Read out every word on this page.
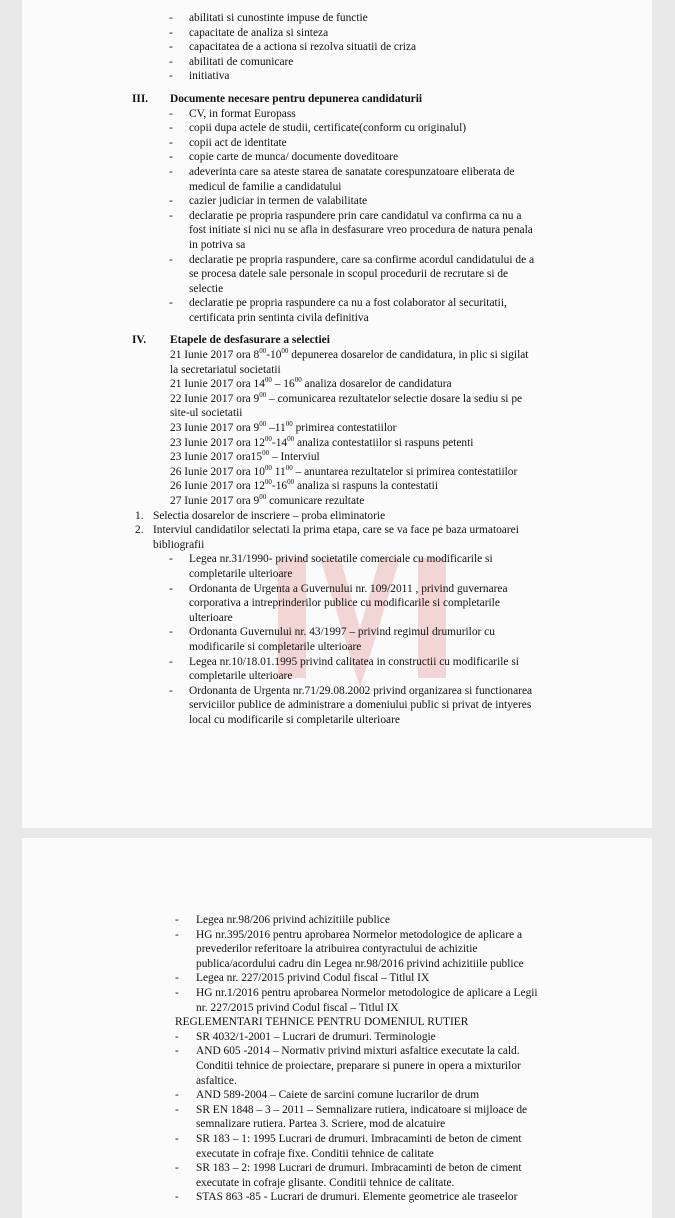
- abilitati si cunostinte impuse de functie
- capacitate de analiza si sinteza
- capacitatea de a actiona si rezolva situatii de criza
- abilitati de comunicare
- initiativa
III. Documente necesare pentru depunerea candidaturii
- CV, in format Europass
- copii dupa actele de studii, certificate(conform cu originalul)
- copii act de identitate
- copie carte de munca/ documente doveditoare
- adeverinta care sa ateste starea de sanatate corespunzatoare eliberata de
medicul de familie a candidatului
- cazier judiciar in termen de valabilitate
- declaratie pe propria raspundere prin care candidatul va confirma ca nu a
fost initiate si nici nu se afla in desfasurare vreo procedura de natura penala
in potriva sa
- declaratie pe propria raspundere, care sa confirme acordul candidatului de a
se procesa datele sale personale in scopul procedurii de recrutare si de
selectie
- declaratie pe propria raspundere ca nu a fost colaborator al securitatii,
certificata prin sentinta civila definitiva
IV. Etapele de desfasurare a selectiei
21 Iunie 2017 ora $8^{00}-10^{00}$ depunerea dosarelor de candidatura, in plic si sigilat
la secretariatul societatii
21 Iunie 2017 ora $14^{00} - 16^{00}$ analiza dosarelor de candidatura
22 Iunie 2017 ora $9^{00}$ – comunicarea rezultatelor selectie dosare la sediu si pe
site-ul societatii
23 Iunie 2017 ora $9^{00}$ $-11^{00}$ primirea contestatiilor
23 Iunie 2017 ora $12^{00}-14^{00}$ analiza contestatiilor si raspuns petenti
23 Iunie 2017 $ora15^{00}$ – Interviul
26 Iunie 2017 ora $10^{00}$ $11^{00}$ – anuntarea rezultatelor si primirea contestatiilor
26 Iunie 2017 ora $12^{00}-16^{00}$ analiza si raspuns la contestatii
27 Iunie 2017 ora $9^{00}$ comunicare rezultate
1. Selectia dosarelor de inscriere – proba eliminatorie
2. Interviul candidatilor selectati la prima etapa, care se va face pe baza urmatoarei
bibliografii
- Legea nr.31/1990- privind societatile comerciale cu modificarile si
completarile ulterioare
- Ordonanta de Urgenta a Guvernului nr. 109/2011 , privind guvernarea
corporativa a intreprinderilor publice cu modificarile si completarile
ulterioare
- Ordonanta Guvernului nr. 43/1997 – privind regimul drumurilor cu
modificarile si completarile ulterioare
- Legea nr.10/18.01.1995 privind calitatea in constructii cu modificarile si
completarile ulterioare
- Ordonanta de Urgenta nr.71/29.08.2002 privind organizarea si functionarea
serviciilor publice de administrare a domeniului public si privat de intyeres
local cu modificarile si completarile ulterioare
- Legea nr.98/206 privind achizitiile publice
- HG nr.395/2016 pentru aprobarea Normelor metodologice de aplicare a
prevederilor referitoare la atribuirea contyractului de achizitie
publica/acordului cadru din Legea nr.98/2016 privind achizitiile publice
- Legea nr. 227/2015 privind Codul fiscal – Titlul IX
- HG nr.1/2016 pentru aprobarea Normelor metodologice de aplicare a Legii
nr. 227/2015 privind Codul fiscal – Titlul IX
REGLEMENTARI TEHNICE PENTRU DOMENIUL RUTIER
- SR 4032/1-2001 – Lucrari de drumuri. Terminologie
- AND 605 -2014 – Normativ privind mixturi asfaltice executate la cald.
Conditii tehnice de proiectare, preparare si punere in opera a mixturilor
asfaltice.
- AND 589-2004 – Caiete de sarcini comune lucrarilor de drum
- SR EN 1848 – 3 – 2011 – Semnalizare rutiera, indicatoare si mijloace de
semnalizare rutiera. Partea 3. Scriere, mod de alcatuire
- SR 183 – 1: 1995 Lucrari de drumuri. Imbracaminti de beton de ciment
executate in cofraje fixe. Conditii tehnice de calitate
- SR 183 – 2: 1998 Lucrari de drumuri. Imbracaminti de beton de ciment
executate in cofraje glisante. Conditii tehnice de calitate.
- STAS 863 -85 - Lucrari de drumuri. Elemente geometrice ale traseelor
